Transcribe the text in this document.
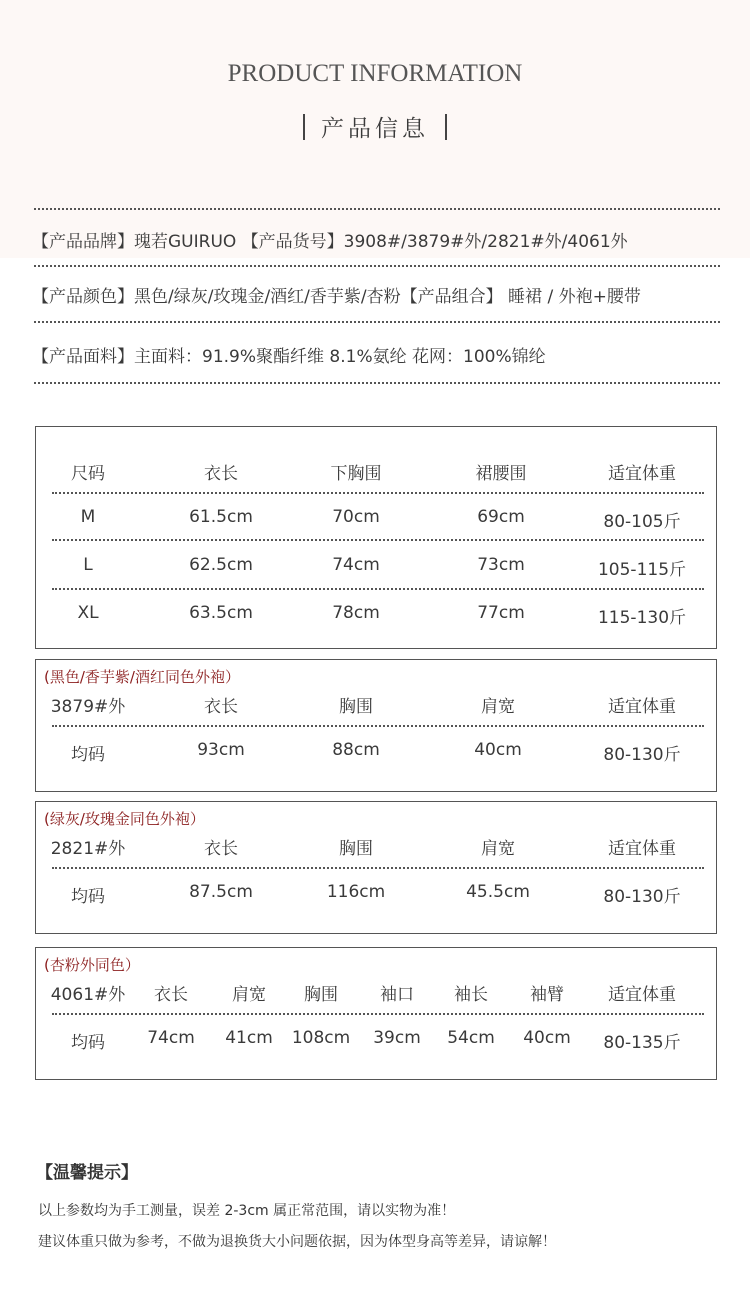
PRODUCT INFORMATION
产品信息
【产品品牌】瑰若GUIRUO 【产品货号】3908#/3879#外/2821#外/4061外
【产品颜色】黑色/绿灰/玫瑰金/酒红/香芋紫/杏粉【产品组合】 睡裙 / 外袍+腰带
【产品面料】主面料：91.9%聚酯纤维 8.1%氨纶 花网：100%锦纶
尺码	衣长	下胸围	裙腰围	适宜体重
M	61.5cm	70cm	69cm	80-105斤
L	62.5cm	74cm	73cm	105-115斤
XL	63.5cm	78cm	77cm	115-130斤
(黑色/香芋紫/酒红同色外袍）
3879#外	衣长	胸围	肩宽	适宜体重
均码	93cm	88cm	40cm	80-130斤
(绿灰/玫瑰金同色外袍）
2821#外	衣长	胸围	肩宽	适宜体重
均码	87.5cm	116cm	45.5cm	80-130斤
(杏粉外同色）
4061#外 衣长	肩宽 胸围 袖口 袖长 袖臂	适宜体重
均码 74cm 41cm 108cm 39cm 54cm 40cm 80-135斤
【温馨提示】
以上参数均为手工测量，误差 2-3cm 属正常范围，请以实物为准！
建议体重只做为参考，不做为退换货大小问题依据，因为体型身高等差异，请谅解！
